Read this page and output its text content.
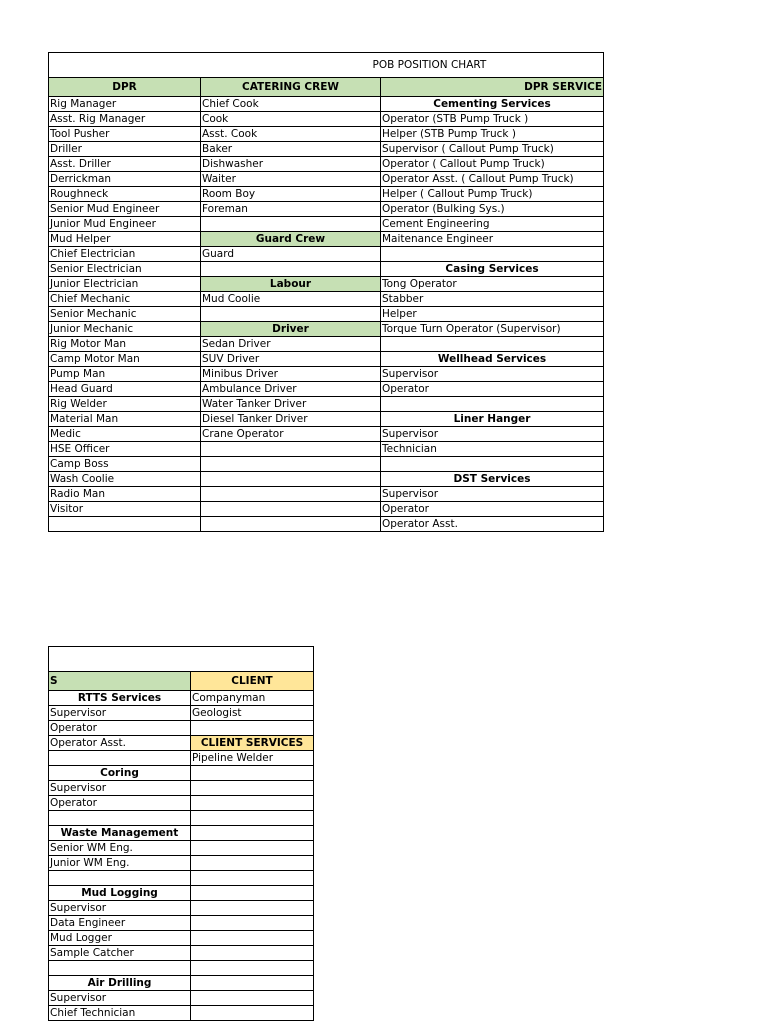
	POB POSITION CHART	
DPR	CATERING CREW	DPR SERVICE
Rig Manager	Chief Cook	Cementing Services
Asst. Rig Manager	Cook	Operator (STB Pump Truck )
Tool Pusher	Asst. Cook	Helper (STB Pump Truck )
Driller	Baker	Supervisor ( Callout Pump Truck)
Asst. Driller	Dishwasher	Operator ( Callout Pump Truck)
Derrickman	Waiter	Operator Asst. ( Callout Pump Truck)
Roughneck	Room Boy	Helper ( Callout Pump Truck)
Senior Mud Engineer	Foreman	Operator (Bulking Sys.)
Junior Mud Engineer		Cement Engineering
Mud Helper	Guard Crew	Maitenance Engineer
Chief Electrician	Guard	
Senior Electrician		Casing Services
Junior Electrician	Labour	Tong Operator
Chief Mechanic	Mud Coolie	Stabber
Senior Mechanic		Helper
Junior Mechanic	Driver	Torque Turn Operator (Supervisor)
Rig Motor Man	Sedan Driver	
Camp Motor Man	SUV Driver	Wellhead Services
Pump Man	Minibus Driver	Supervisor
Head Guard	Ambulance Driver	Operator
Rig Welder	Water Tanker Driver	
Material Man	Diesel Tanker Driver	Liner Hanger
Medic	Crane Operator	Supervisor
HSE Officer		Technician
Camp Boss		
Wash Coolie		DST Services
Radio Man		Supervisor
Visitor		Operator
		Operator Asst.

S	CLIENT
RTTS Services	Companyman
Supervisor	Geologist
Operator	
Operator Asst.	CLIENT SERVICES
	Pipeline Welder
Coring	
Supervisor	
Operator	

Waste Management	
Senior WM Eng.	
Junior WM Eng.	

Mud Logging	
Supervisor	
Data Engineer	
Mud Logger	
Sample Catcher	

Air Drilling	
Supervisor	
Chief Technician	
